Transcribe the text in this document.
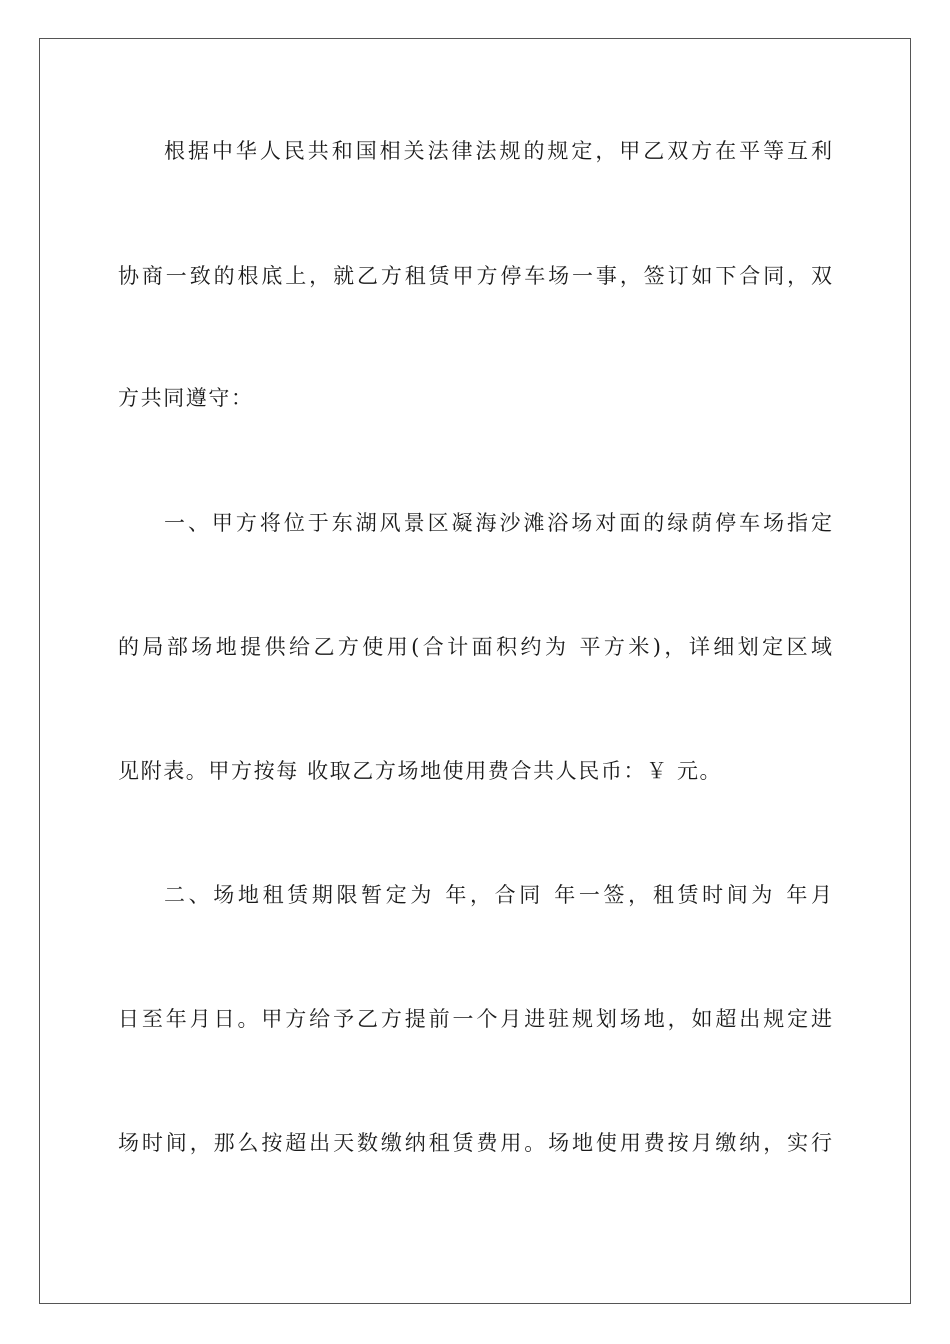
根据中华人民共和国相关法律法规的规定，甲乙双方在平等互利
协商一致的根底上，就乙方租赁甲方停车场一事，签订如下合同，双
方共同遵守：
一、甲方将位于东湖风景区凝海沙滩浴场对面的绿荫停车场指定
的局部场地提供给乙方使用(合计面积约为 平方米)，详细划定区域
见附表。甲方按每 收取乙方场地使用费合共人民币：￥ 元。
二、场地租赁期限暂定为 年，合同 年一签，租赁时间为 年月
日至年月日。甲方给予乙方提前一个月进驻规划场地，如超出规定进
场时间，那么按超出天数缴纳租赁费用。场地使用费按月缴纳，实行
